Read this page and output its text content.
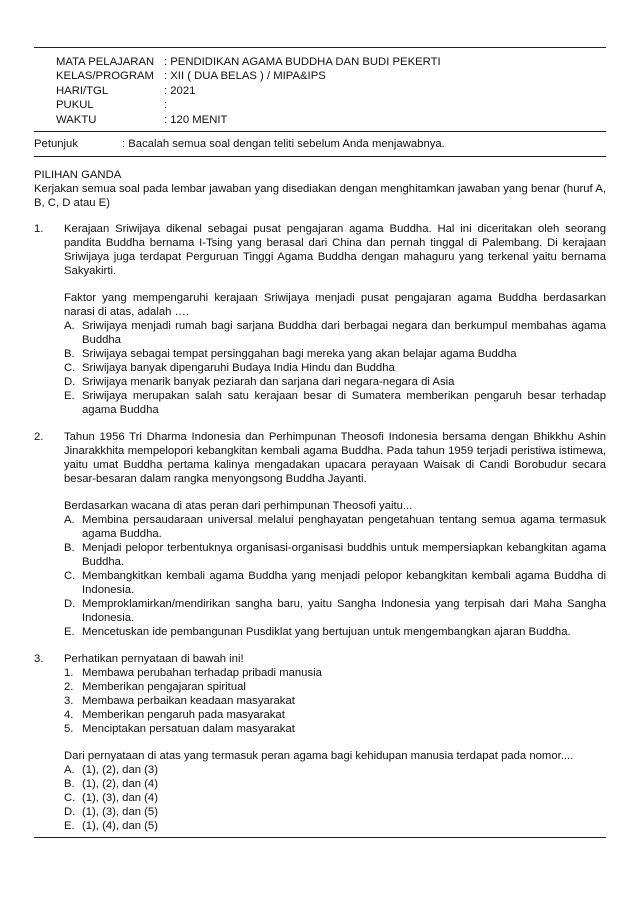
MATA PELAJARAN : PENDIDIKAN AGAMA BUDDHA DAN BUDI PEKERTI
KELAS/PROGRAM : XII ( DUA BELAS ) / MIPA&IPS
HARI/TGL	: 2021
PUKUL	:
WAKTU	: 120 MENIT
Petunjuk	: Bacalah semua soal dengan teliti sebelum Anda menjawabnya.
PILIHAN GANDA
Kerjakan semua soal pada lembar jawaban yang disediakan dengan menghitamkan jawaban yang benar (huruf A, B, C, D atau E)
1.	Kerajaan Sriwijaya dikenal sebagai pusat pengajaran agama Buddha. Hal ini diceritakan oleh seorang pandita Buddha bernama I-Tsing yang berasal dari China dan pernah tinggal di Palembang. Di kerajaan Sriwijaya juga terdapat Perguruan Tinggi Agama Buddha dengan mahaguru yang terkenal yaitu bernama Sakyakirti.
Faktor yang mempengaruhi kerajaan Sriwijaya menjadi pusat pengajaran agama Buddha berdasarkan narasi di atas, adalah ….
A. Sriwijaya menjadi rumah bagi sarjana Buddha dari berbagai negara dan berkumpul membahas agama Buddha
B. Sriwijaya sebagai tempat persinggahan bagi mereka yang akan belajar agama Buddha
C. Sriwijaya banyak dipengaruhi Budaya India Hindu dan Buddha
D. Sriwijaya menarik banyak peziarah dan sarjana dari negara-negara di Asia
E. Sriwijaya merupakan salah satu kerajaan besar di Sumatera memberikan pengaruh besar terhadap agama Buddha
2.	Tahun 1956 Tri Dharma Indonesia dan Perhimpunan Theosofi Indonesia bersama dengan Bhikkhu Ashin Jinarakkhita mempelopori kebangkitan kembali agama Buddha. Pada tahun 1959 terjadi peristiwa istimewa, yaitu umat Buddha pertama kalinya mengadakan upacara perayaan Waisak di Candi Borobudur secara besar-besaran dalam rangka menyongsong Buddha Jayanti.
Berdasarkan wacana di atas peran dari perhimpunan Theosofi yaitu...
A. Membina persaudaraan universal melalui penghayatan pengetahuan tentang semua agama termasuk agama Buddha.
B. Menjadi pelopor terbentuknya organisasi-organisasi buddhis untuk mempersiapkan kebangkitan agama Buddha.
C. Membangkitkan kembali agama Buddha yang menjadi pelopor kebangkitan kembali agama Buddha di Indonesia.
D. Memproklamirkan/mendirikan sangha baru, yaitu Sangha Indonesia yang terpisah dari Maha Sangha Indonesia.
E. Mencetuskan ide pembangunan Pusdiklat yang bertujuan untuk mengembangkan ajaran Buddha.
3.	Perhatikan pernyataan di bawah ini!
1. Membawa perubahan terhadap pribadi manusia
2. Memberikan pengajaran spiritual
3. Membawa perbaikan keadaan masyarakat
4. Memberikan pengaruh pada masyarakat
5. Menciptakan persatuan dalam masyarakat
Dari pernyataan di atas yang termasuk peran agama bagi kehidupan manusia terdapat pada nomor....
A. (1), (2), dan (3)
B. (1), (2), dan (4)
C. (1), (3), dan (4)
D. (1), (3), dan (5)
E. (1), (4), dan (5)
